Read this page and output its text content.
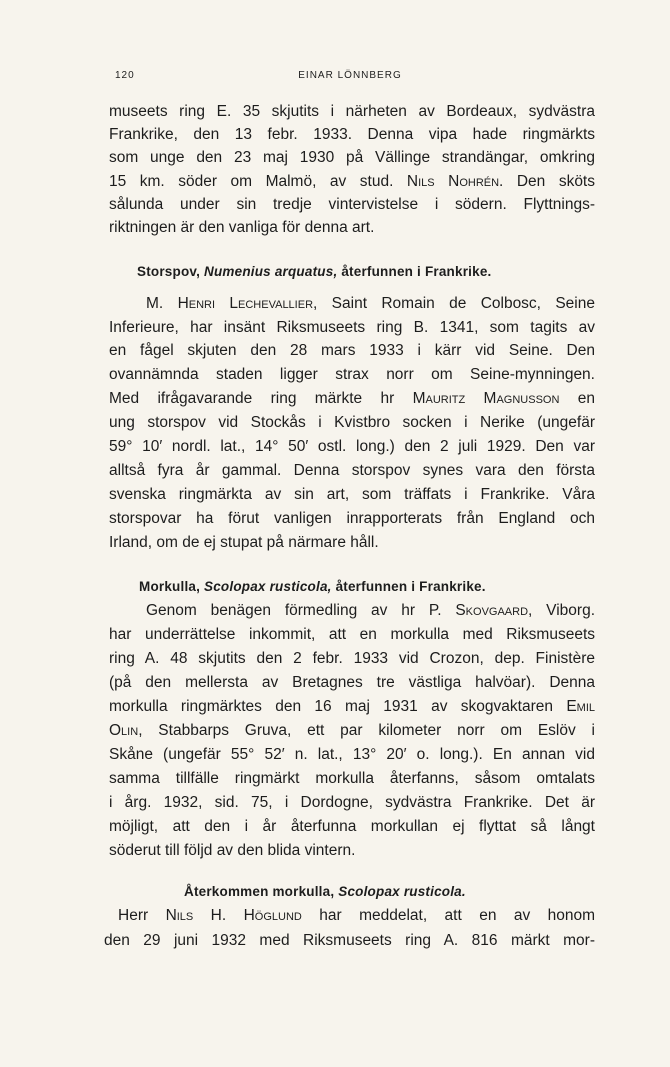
120	EINAR LÖNNBERG
museets ring E. 35 skjutits i närheten av Bordeaux, sydvästra
Frankrike, den 13 febr. 1933. Denna vipa hade ringmärkts
som unge den 23 maj 1930 på Vällinge strandängar, omkring
15 km. söder om Malmö, av stud. Nils Nohrén. Den sköts
sålunda under sin tredje vintervistelse i södern. Flyttnings-
riktningen är den vanliga för denna art.
Storspov, Numenius arquatus, återfunnen i Frankrike.
M. Henri Lechevallier, Saint Romain de Colbosc, Seine
Inferieure, har insänt Riksmuseets ring B. 1341, som tagits av
en fågel skjuten den 28 mars 1933 i kärr vid Seine. Den
ovannämnda staden ligger strax norr om Seine-mynningen.
Med ifrågavarande ring märkte hr Mauritz Magnusson en
ung storspov vid Stockås i Kvistbro socken i Nerike (ungefär
59° 10′ nordl. lat., 14° 50′ ostl. long.) den 2 juli 1929. Den var
alltså fyra år gammal. Denna storspov synes vara den första
svenska ringmärkta av sin art, som träffats i Frankrike. Våra
storspovar ha förut vanligen inrapporterats från England och
Irland, om de ej stupat på närmare håll.
Morkulla, Scolopax rusticola, återfunnen i Frankrike.
Genom benägen förmedling av hr P. Skovgaard, Viborg.
har underrättelse inkommit, att en morkulla med Riksmuseets
ring A. 48 skjutits den 2 febr. 1933 vid Crozon, dep. Finistère
(på den mellersta av Bretagnes tre västliga halvöar). Denna
morkulla ringmärktes den 16 maj 1931 av skogvaktaren Emil
Olin, Stabbarps Gruva, ett par kilometer norr om Eslöv i
Skåne (ungefär 55° 52′ n. lat., 13° 20′ o. long.). En annan vid
samma tillfälle ringmärkt morkulla återfanns, såsom omtalats
i årg. 1932, sid. 75, i Dordogne, sydvästra Frankrike. Det är
möjligt, att den i år återfunna morkullan ej flyttat så långt
söderut till följd av den blida vintern.
Återkommen morkulla, Scolopax rusticola.
Herr Nils H. Höglund har meddelat, att en av honom
den 29 juni 1932 med Riksmuseets ring A. 816 märkt mor-
